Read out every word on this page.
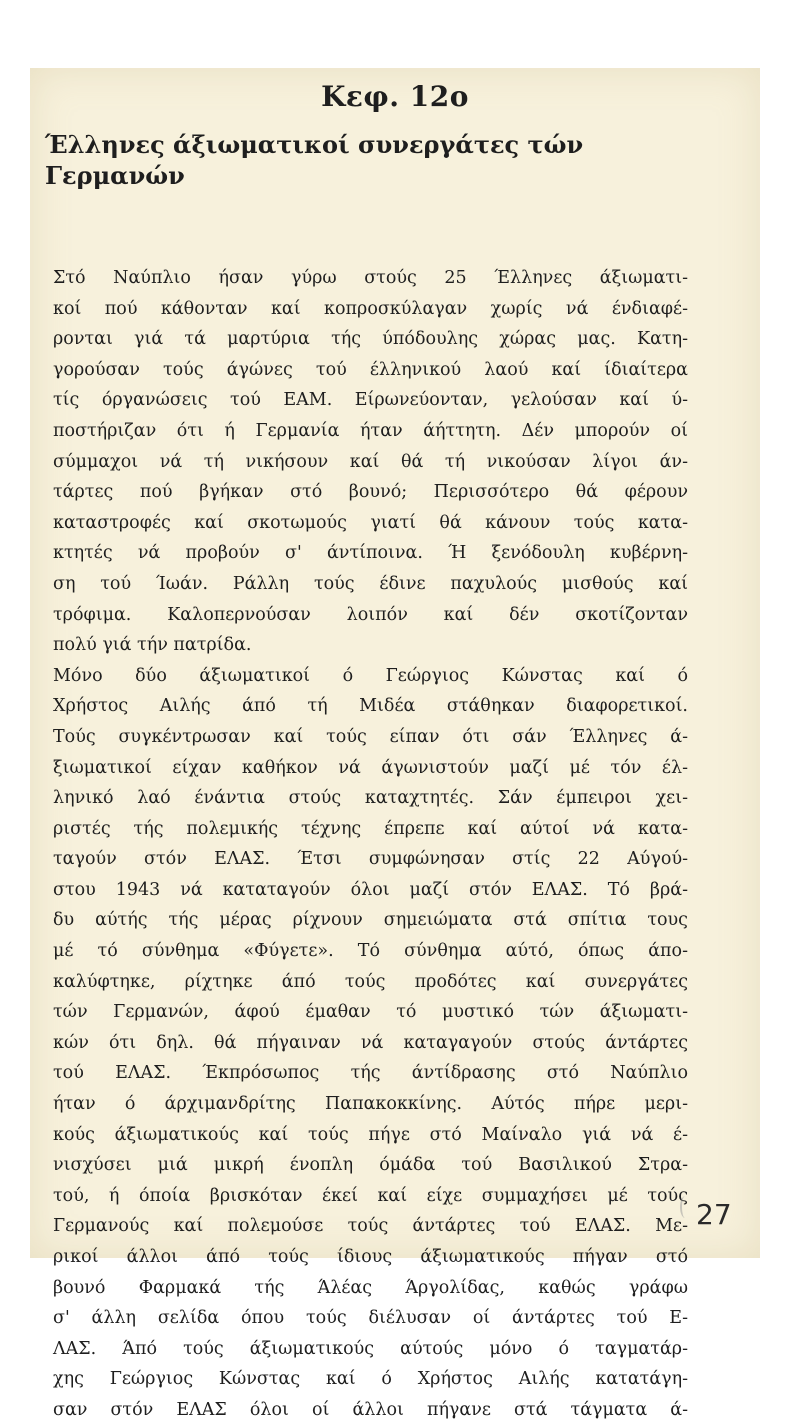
Κεφ. 12ο
Έλληνες άξιωματικοί συνεργάτες τών
Γερμανών
Στό Ναύπλιο ήσαν γύρω στούς 25 Έλληνες άξιωματι-
κοί πού κάθονταν καί κοπροσκύλαγαν χωρίς νά ένδιαφέ-
ρονται γιά τά μαρτύρια τής ύπόδουλης χώρας μας. Κατη-
γορούσαν τούς άγώνες τού έλληνικού λαού καί ίδιαίτερα
τίς όργανώσεις τού ΕΑΜ. Είρωνεύονταν, γελούσαν καί ύ-
ποστήριζαν ότι ή Γερμανία ήταν άήττητη. Δέν μπορούν οί
σύμμαχοι νά τή νικήσουν καί θά τή νικούσαν λίγοι άν-
τάρτες πού βγήκαν στό βουνό; Περισσότερο θά φέρουν
καταστροφές καί σκοτωμούς γιατί θά κάνουν τούς κατα-
κτητές νά προβούν σ' άντίποινα. Ή ξενόδουλη κυβέρνη-
ση τού Ίωάν. Ράλλη τούς έδινε παχυλούς μισθούς καί
τρόφιμα. Καλοπερνούσαν λοιπόν καί δέν σκοτίζονταν
πολύ γιά τήν πατρίδα.
Μόνο δύο άξιωματικοί ό Γεώργιος Κώνστας καί ό
Χρήστος Αιλής άπό τή Μιδέα στάθηκαν διαφορετικοί.
Τούς συγκέντρωσαν καί τούς είπαν ότι σάν Έλληνες ά-
ξιωματικοί είχαν καθήκον νά άγωνιστούν μαζί μέ τόν έλ-
ληνικό λαό ένάντια στούς καταχτητές. Σάν έμπειροι χει-
ριστές τής πολεμικής τέχνης έπρεπε καί αύτοί νά κατα-
ταγούν στόν ΕΛΑΣ. Έτσι συμφώνησαν στίς 22 Αύγού-
στου 1943 νά καταταγούν όλοι μαζί στόν ΕΛΑΣ. Τό βρά-
δυ αύτής τής μέρας ρίχνουν σημειώματα στά σπίτια τους
μέ τό σύνθημα «Φύγετε». Τό σύνθημα αύτό, όπως άπο-
καλύφτηκε, ρίχτηκε άπό τούς προδότες καί συνεργάτες
τών Γερμανών, άφού έμαθαν τό μυστικό τών άξιωματι-
κών ότι δηλ. θά πήγαιναν νά καταγαγούν στούς άντάρτες
τού ΕΛΑΣ. Έκπρόσωπος τής άντίδρασης στό Ναύπλιο
ήταν ό άρχιμανδρίτης Παπακοκκίνης. Αύτός πήρε μερι-
κούς άξιωματικούς καί τούς πήγε στό Μαίναλο γιά νά έ-
νισχύσει μιά μικρή ένοπλη όμάδα τού Βασιλικού Στρα-
τού, ή όποία βρισκόταν έκεί καί είχε συμμαχήσει μέ τούς
Γερμανούς καί πολεμούσε τούς άντάρτες τού ΕΛΑΣ. Με-
ρικοί άλλοι άπό τούς ίδιους άξιωματικούς πήγαν στό
βουνό Φαρμακά τής Άλέας Άργολίδας, καθώς γράφω
σ' άλλη σελίδα όπου τούς διέλυσαν οί άντάρτες τού Ε-
ΛΑΣ. Άπό τούς άξιωματικούς αύτούς μόνο ό ταγματάρ-
χης Γεώργιος Κώνστας καί ό Χρήστος Αιλής κατατάγη-
σαν στόν ΕΛΑΣ όλοι οί άλλοι πήγανε στά τάγματα ά-
27
